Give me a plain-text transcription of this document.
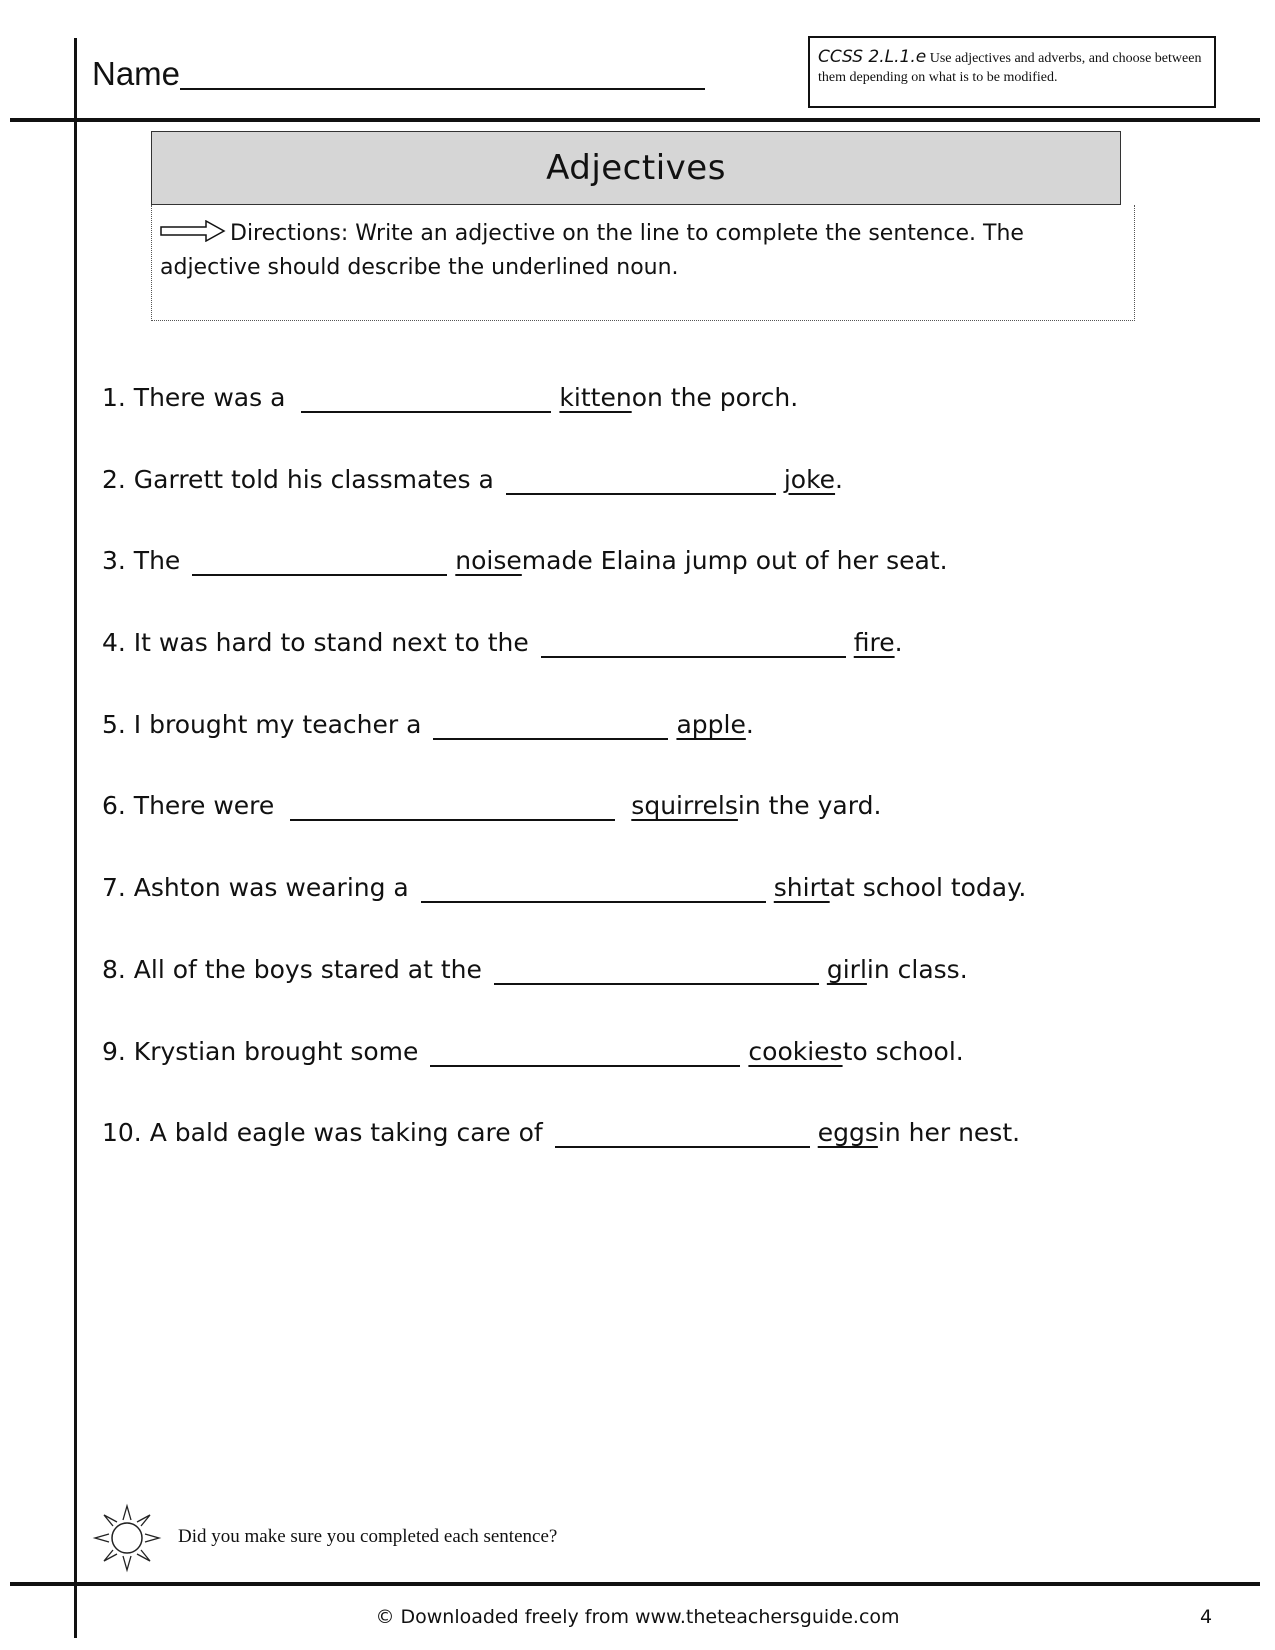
Name	CCSS 2.L.1.e Use adjectives and adverbs, and choose between them depending on what is to be modified.
Adjectives
Directions: Write an adjective on the line to complete the sentence. The adjective should describe the underlined noun.
1. There was a	kitten on the porch.
2. Garrett told his classmates a	joke .
3. The	noise made Elaina jump out of her seat.
4. It was hard to stand next to the	fire .
5. I brought my teacher a	apple .
6. There were	squirrels in the yard.
7. Ashton was wearing a	shirt at school today.
8. All of the boys stared at the	girl in class.
9. Krystian brought some	cookies to school.
10. A bald eagle was taking care of	eggs in her nest.
Did you make sure you completed each sentence?
© Downloaded freely from www.theteachersguide.com	4
